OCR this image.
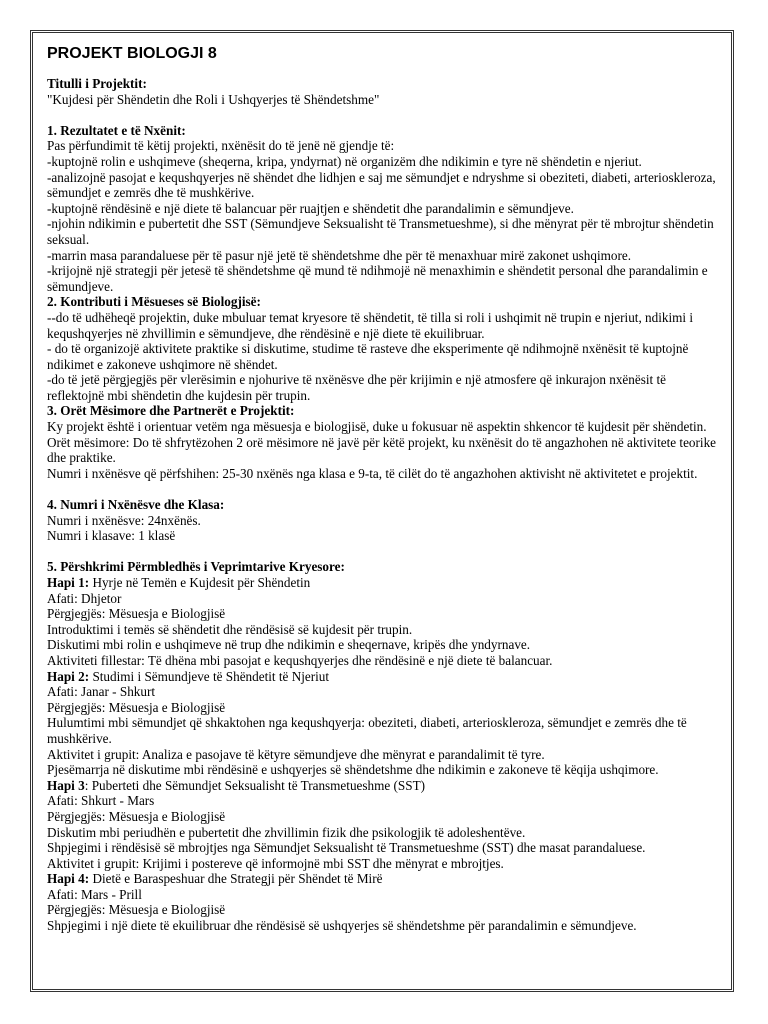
PROJEKT BIOLOGJI 8

Titulli i Projektit:

"Kujdesi për Shëndetin dhe Roli i Ushqyerjes të Shëndetshme"

1. Rezultatet e të Nxënit:

Pas përfundimit të këtij projekti, nxënësit do të jenë në gjendje të:

-kuptojnë rolin e ushqimeve (sheqerna, kripa, yndyrnat) në organizëm dhe ndikimin e tyre në shëndetin e njeriut.

-analizojnë pasojat e kequshqyerjes në shëndet dhe lidhjen e saj me sëmundjet e ndryshme si obeziteti, diabeti, arterioskleroza, sëmundjet e zemrës dhe të mushkërive.

-kuptojnë rëndësinë e një diete të balancuar për ruajtjen e shëndetit dhe parandalimin e sëmundjeve.

-njohin ndikimin e pubertetit dhe SST (Sëmundjeve Seksualisht të Transmetueshme), si dhe mënyrat për të mbrojtur shëndetin seksual.

-marrin masa parandaluese për të pasur një jetë të shëndetshme dhe për të menaxhuar mirë zakonet ushqimore.

-krijojnë një strategji për jetesë të shëndetshme që mund të ndihmojë në menaxhimin e shëndetit personal dhe parandalimin e sëmundjeve.

2. Kontributi i Mësueses së Biologjisë:

--do të udhëheqë projektin, duke mbuluar temat kryesore të shëndetit, të tilla si roli i ushqimit në trupin e njeriut, ndikimi i kequshqyerjes në zhvillimin e sëmundjeve, dhe rëndësinë e një diete të ekuilibruar.

- do të organizojë aktivitete praktike si diskutime, studime të rasteve dhe eksperimente që ndihmojnë nxënësit të kuptojnë ndikimet e zakoneve ushqimore në shëndet.

-do të jetë përgjegjës për vlerësimin e njohurive të nxënësve dhe për krijimin e një atmosfere që inkurajon nxënësit të reflektojnë mbi shëndetin dhe kujdesin për trupin.

3. Orët Mësimore dhe Partnerët e Projektit:

Ky projekt është i orientuar vetëm nga mësuesja e biologjisë, duke u fokusuar në aspektin shkencor të kujdesit për shëndetin.

Orët mësimore: Do të shfrytëzohen 2 orë mësimore në javë për këtë projekt, ku nxënësit do të angazhohen në aktivitete teorike dhe praktike.

Numri i nxënësve që përfshihen: 25-30 nxënës nga klasa e 9-ta, të cilët do të angazhohen aktivisht në aktivitetet e projektit.

4. Numri i Nxënësve dhe Klasa:

Numri i nxënësve: 24nxënës.

Numri i klasave: 1 klasë

5. Përshkrimi Përmbledhës i Veprimtarive Kryesore:

Hapi 1: Hyrje në Temën e Kujdesit për Shëndetin

Afati: Dhjetor

Përgjegjës: Mësuesja e Biologjisë

Introduktimi i temës së shëndetit dhe rëndësisë së kujdesit për trupin.

Diskutimi mbi rolin e ushqimeve në trup dhe ndikimin e sheqernave, kripës dhe yndyrnave.

Aktiviteti fillestar: Të dhëna mbi pasojat e kequshqyerjes dhe rëndësinë e një diete të balancuar.

Hapi 2: Studimi i Sëmundjeve të Shëndetit të Njeriut

Afati: Janar - Shkurt

Përgjegjës: Mësuesja e Biologjisë

Hulumtimi mbi sëmundjet që shkaktohen nga kequshqyerja: obeziteti, diabeti, arterioskleroza, sëmundjet e zemrës dhe të mushkërive.

Aktivitet i grupit: Analiza e pasojave të këtyre sëmundjeve dhe mënyrat e parandalimit të tyre.

Pjesëmarrja në diskutime mbi rëndësinë e ushqyerjes së shëndetshme dhe ndikimin e zakoneve të këqija ushqimore.

Hapi 3: Puberteti dhe Sëmundjet Seksualisht të Transmetueshme (SST)

Afati: Shkurt - Mars

Përgjegjës: Mësuesja e Biologjisë

Diskutim mbi periudhën e pubertetit dhe zhvillimin fizik dhe psikologjik të adoleshentëve.

Shpjegimi i rëndësisë së mbrojtjes nga Sëmundjet Seksualisht të Transmetueshme (SST) dhe masat parandaluese.

Aktivitet i grupit: Krijimi i postereve që informojnë mbi SST dhe mënyrat e mbrojtjes.

Hapi 4: Dietë e Baraspeshuar dhe Strategji për Shëndet të Mirë

Afati: Mars - Prill

Përgjegjës: Mësuesja e Biologjisë

Shpjegimi i një diete të ekuilibruar dhe rëndësisë së ushqyerjes së shëndetshme për parandalimin e sëmundjeve.
